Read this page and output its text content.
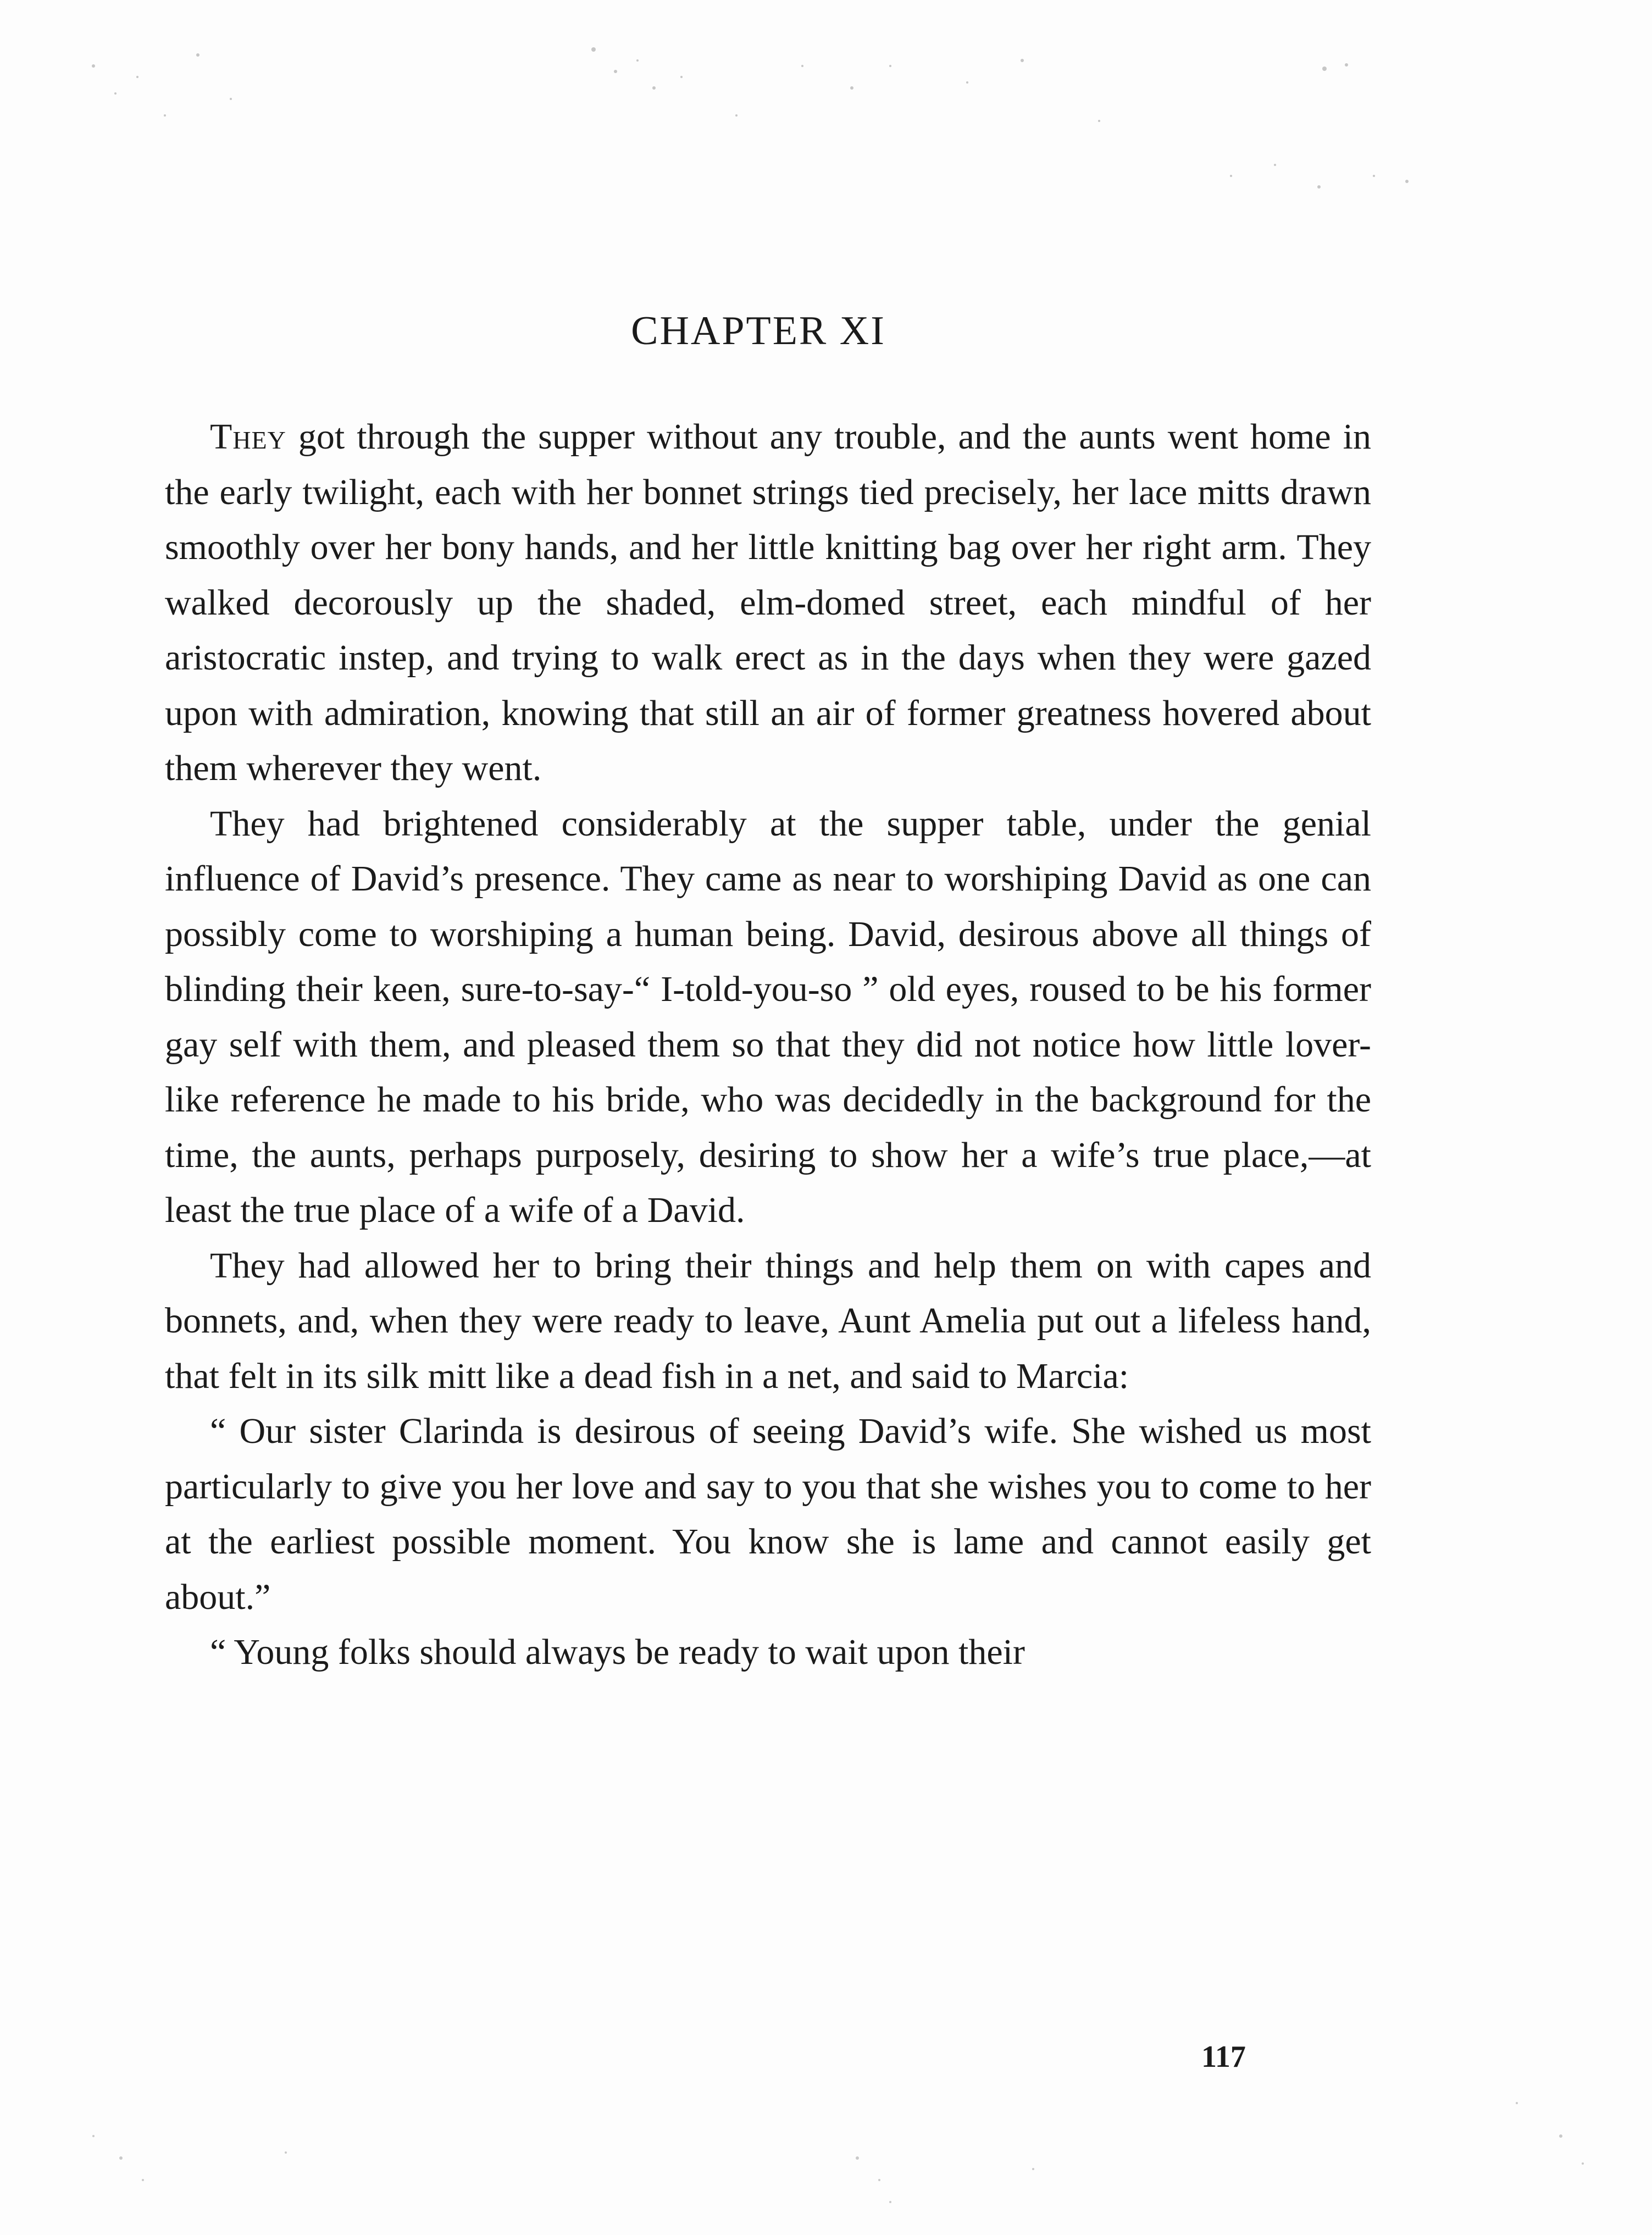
CHAPTER XI

They got through the supper without any trouble, and the aunts went home in the early twilight, each with her bonnet strings tied precisely, her lace mitts drawn smoothly over her bony hands, and her little knitting bag over her right arm. They walked decorously up the shaded, elm-domed street, each mindful of her aristocratic instep, and trying to walk erect as in the days when they were gazed upon with admiration, knowing that still an air of former greatness hovered about them wherever they went.

They had brightened considerably at the supper table, under the genial influence of David’s presence. They came as near to worshiping David as one can possibly come to worshiping a human being. David, desirous above all things of blinding their keen, sure-to-say-“ I-told-you-so ” old eyes, roused to be his former gay self with them, and pleased them so that they did not notice how little lover-like reference he made to his bride, who was decidedly in the background for the time, the aunts, perhaps purposely, desiring to show her a wife’s true place,—at least the true place of a wife of a David.

They had allowed her to bring their things and help them on with capes and bonnets, and, when they were ready to leave, Aunt Amelia put out a lifeless hand, that felt in its silk mitt like a dead fish in a net, and said to Marcia:

“ Our sister Clarinda is desirous of seeing David’s wife. She wished us most particularly to give you her love and say to you that she wishes you to come to her at the earliest possible moment. You know she is lame and cannot easily get about.”

“ Young folks should always be ready to wait upon their

117
